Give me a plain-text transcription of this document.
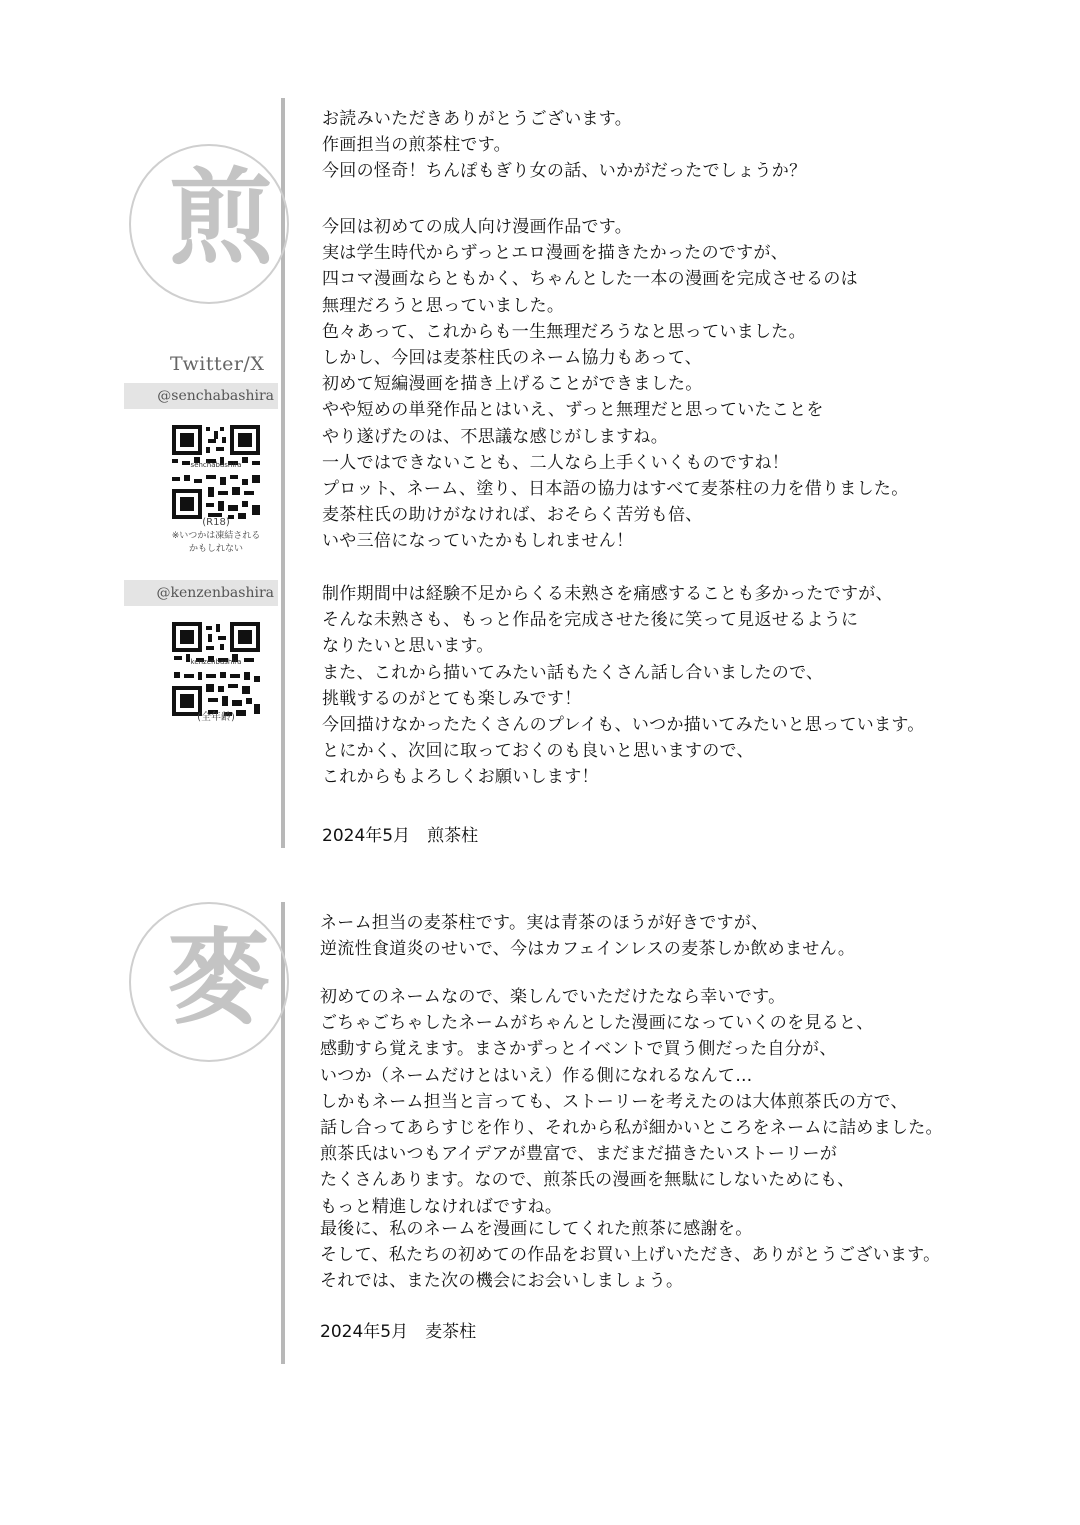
煎
Twitter/X
@senchabashira
senchabashira
(R18)
※いつかは凍結される
かもしれない
@kenzenbashira
kenzenbashira
(全年齢)
お読みいただきありがとうございます。
作画担当の煎茶柱です。
今回の怪奇！ちんぽもぎり女の話、いかがだったでしょうか？
今回は初めての成人向け漫画作品です。
実は学生時代からずっとエロ漫画を描きたかったのですが、
四コマ漫画ならともかく、ちゃんとした一本の漫画を完成させるのは
無理だろうと思っていました。
色々あって、これからも一生無理だろうなと思っていました。
しかし、今回は麦茶柱氏のネーム協力もあって、
初めて短編漫画を描き上げることができました。
やや短めの単発作品とはいえ、ずっと無理だと思っていたことを
やり遂げたのは、不思議な感じがしますね。
一人ではできないことも、二人なら上手くいくものですね！
プロット、ネーム、塗り、日本語の協力はすべて麦茶柱の力を借りました。
麦茶柱氏の助けがなければ、おそらく苦労も倍、
いや三倍になっていたかもしれません！
制作期間中は経験不足からくる未熟さを痛感することも多かったですが、
そんな未熟さも、もっと作品を完成させた後に笑って見返せるように
なりたいと思います。
また、これから描いてみたい話もたくさん話し合いましたので、
挑戦するのがとても楽しみです！
今回描けなかったたくさんのプレイも、いつか描いてみたいと思っています。
とにかく、次回に取っておくのも良いと思いますので、
これからもよろしくお願いします！
2024年5月　煎茶柱
麥	ネーム担当の麦茶柱です。実は青茶のほうが好きですが、
逆流性食道炎のせいで、今はカフェインレスの麦茶しか飲めません。
初めてのネームなので、楽しんでいただけたなら幸いです。
ごちゃごちゃしたネームがちゃんとした漫画になっていくのを見ると、
感動すら覚えます。まさかずっとイベントで買う側だった自分が、
いつか（ネームだけとはいえ）作る側になれるなんて…
しかもネーム担当と言っても、ストーリーを考えたのは大体煎茶氏の方で、
話し合ってあらすじを作り、それから私が細かいところをネームに詰めました。
煎茶氏はいつもアイデアが豊富で、まだまだ描きたいストーリーが
たくさんあります。なので、煎茶氏の漫画を無駄にしないためにも、
もっと精進しなければですね。
最後に、私のネームを漫画にしてくれた煎茶に感謝を。
そして、私たちの初めての作品をお買い上げいただき、ありがとうございます。
それでは、また次の機会にお会いしましょう。
2024年5月　麦茶柱
